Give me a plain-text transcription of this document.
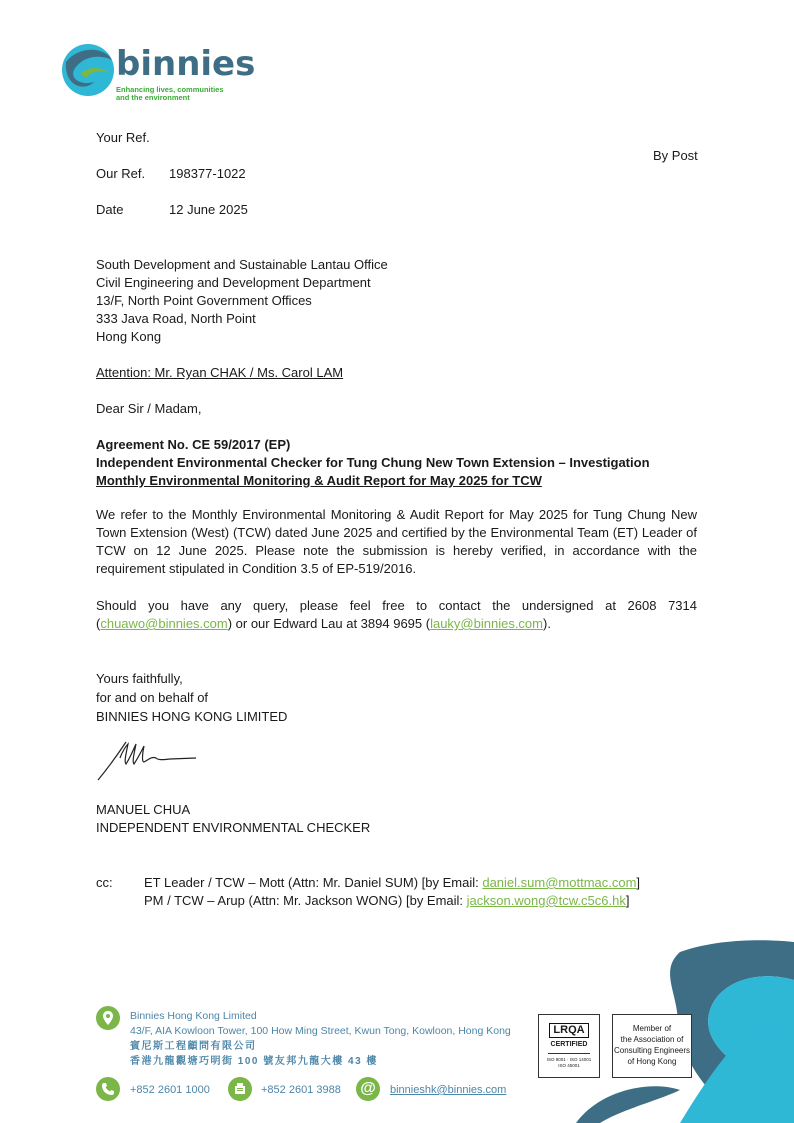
binnies
Enhancing lives, communities
and the environment
Your Ref.
By Post
Our Ref. 198377-1022
Date	12 June 2025
South Development and Sustainable Lantau Office
Civil Engineering and Development Department
13/F, North Point Government Offices
333 Java Road, North Point
Hong Kong
Attention: Mr. Ryan CHAK / Ms. Carol LAM
Dear Sir / Madam,
Agreement No. CE 59/2017 (EP)
Independent Environmental Checker for Tung Chung New Town Extension – Investigation
Monthly Environmental Monitoring & Audit Report for May 2025 for TCW
We refer to the Monthly Environmental Monitoring & Audit Report for May 2025 for Tung Chung New Town Extension (West) (TCW) dated June 2025 and certified by the Environmental Team (ET) Leader of TCW on 12 June 2025. Please note the submission is hereby verified, in accordance with the requirement stipulated in Condition 3.5 of EP-519/2016.
Should you have any query, please feel free to contact the undersigned at 2608 7314 (chuawo@binnies.com) or our Edward Lau at 3894 9695 (lauky@binnies.com).
Yours faithfully,
for and on behalf of
BINNIES HONG KONG LIMITED
MANUEL CHUA
INDEPENDENT ENVIRONMENTAL CHECKER
cc: ET Leader / TCW – Mott (Attn: Mr. Daniel SUM) [by Email: daniel.sum@mottmac.com]
PM / TCW – Arup (Attn: Mr. Jackson WONG) [by Email: jackson.wong@tcw.c5c6.hk]
Binnies Hong Kong Limited
43/F, AIA Kowloon Tower, 100 How Ming Street, Kwun Tong, Kowloon, Hong Kong
賓尼斯工程顧問有限公司
香港九龍觀塘巧明街 100 號友邦九龍大樓 43 樓
+852 2601 1000	+852 2601 3988 @	binnieshk@binnies.com
LRQA
CERTIFIED
ISO 9001 · ISO 14001
ISO 45001
Member of
the Association of
Consulting Engineers
of Hong Kong
